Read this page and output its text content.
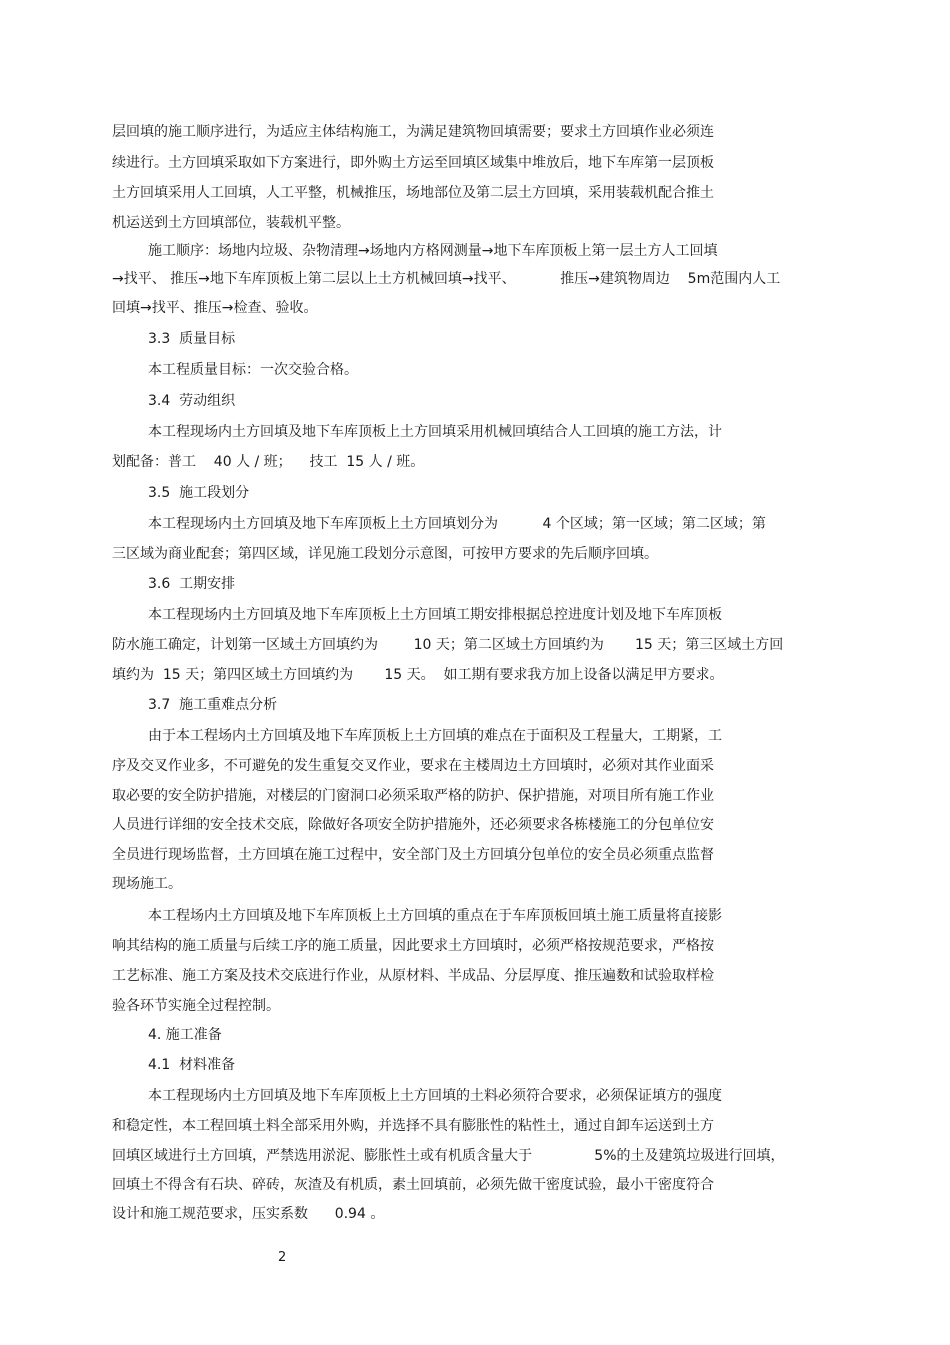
层回填的施工顺序进行，为适应主体结构施工，为满足建筑物回填需要；要求土方回填作业必须连
续进行。土方回填采取如下方案进行，即外购土方运至回填区域集中堆放后，地下车库第一层顶板
土方回填采用人工回填，人工平整，机械推压，场地部位及第二层土方回填，采用装载机配合推土
机运送到土方回填部位，装载机平整。
施工顺序：场地内垃圾、杂物清理→场地内方格网测量→地下车库顶板上第一层土方人工回填
→找平、 推压→地下车库顶板上第二层以上土方机械回填→找平、          推压→建筑物周边    5m范围内人工
回填→找平、推压→检查、验收。
3.3  质量目标
本工程质量目标：一次交验合格。
3.4  劳动组织
本工程现场内土方回填及地下车库顶板上土方回填采用机械回填结合人工回填的施工方法，计
划配备：普工    40 人 / 班；    技工  15 人 / 班。
3.5  施工段划分
本工程现场内土方回填及地下车库顶板上土方回填划分为          4 个区域；第一区域；第二区域；第
三区域为商业配套；第四区域，详见施工段划分示意图，可按甲方要求的先后顺序回填。
3.6  工期安排
本工程现场内土方回填及地下车库顶板上土方回填工期安排根据总控进度计划及地下车库顶板
防水施工确定，计划第一区域土方回填约为        10 天；第二区域土方回填约为       15 天；第三区域土方回
填约为  15 天；第四区域土方回填约为       15 天。  如工期有要求我方加上设备以满足甲方要求。
3.7  施工重难点分析
由于本工程场内土方回填及地下车库顶板上土方回填的难点在于面积及工程量大，工期紧，工
序及交叉作业多，不可避免的发生重复交叉作业，要求在主楼周边土方回填时，必须对其作业面采
取必要的安全防护措施，对楼层的门窗洞口必须采取严格的防护、保护措施，对项目所有施工作业
人员进行详细的安全技术交底，除做好各项安全防护措施外，还必须要求各栋楼施工的分包单位安
全员进行现场监督，土方回填在施工过程中，安全部门及土方回填分包单位的安全员必须重点监督
现场施工。
本工程场内土方回填及地下车库顶板上土方回填的重点在于车库顶板回填土施工质量将直接影
响其结构的施工质量与后续工序的施工质量，因此要求土方回填时，必须严格按规范要求，严格按
工艺标准、施工方案及技术交底进行作业，从原材料、半成品、分层厚度、推压遍数和试验取样检
验各环节实施全过程控制。
4. 施工准备
4.1  材料准备
本工程现场内土方回填及地下车库顶板上土方回填的土料必须符合要求，必须保证填方的强度
和稳定性，本工程回填土料全部采用外购，并选择不具有膨胀性的粘性土，通过自卸车运送到土方
回填区域进行土方回填，严禁选用淤泥、膨胀性土或有机质含量大于              5%的土及建筑垃圾进行回填，
回填土不得含有石块、碎砖，灰渣及有机质，素土回填前，必须先做干密度试验，最小干密度符合
设计和施工规范要求，压实系数      0.94 。
2
